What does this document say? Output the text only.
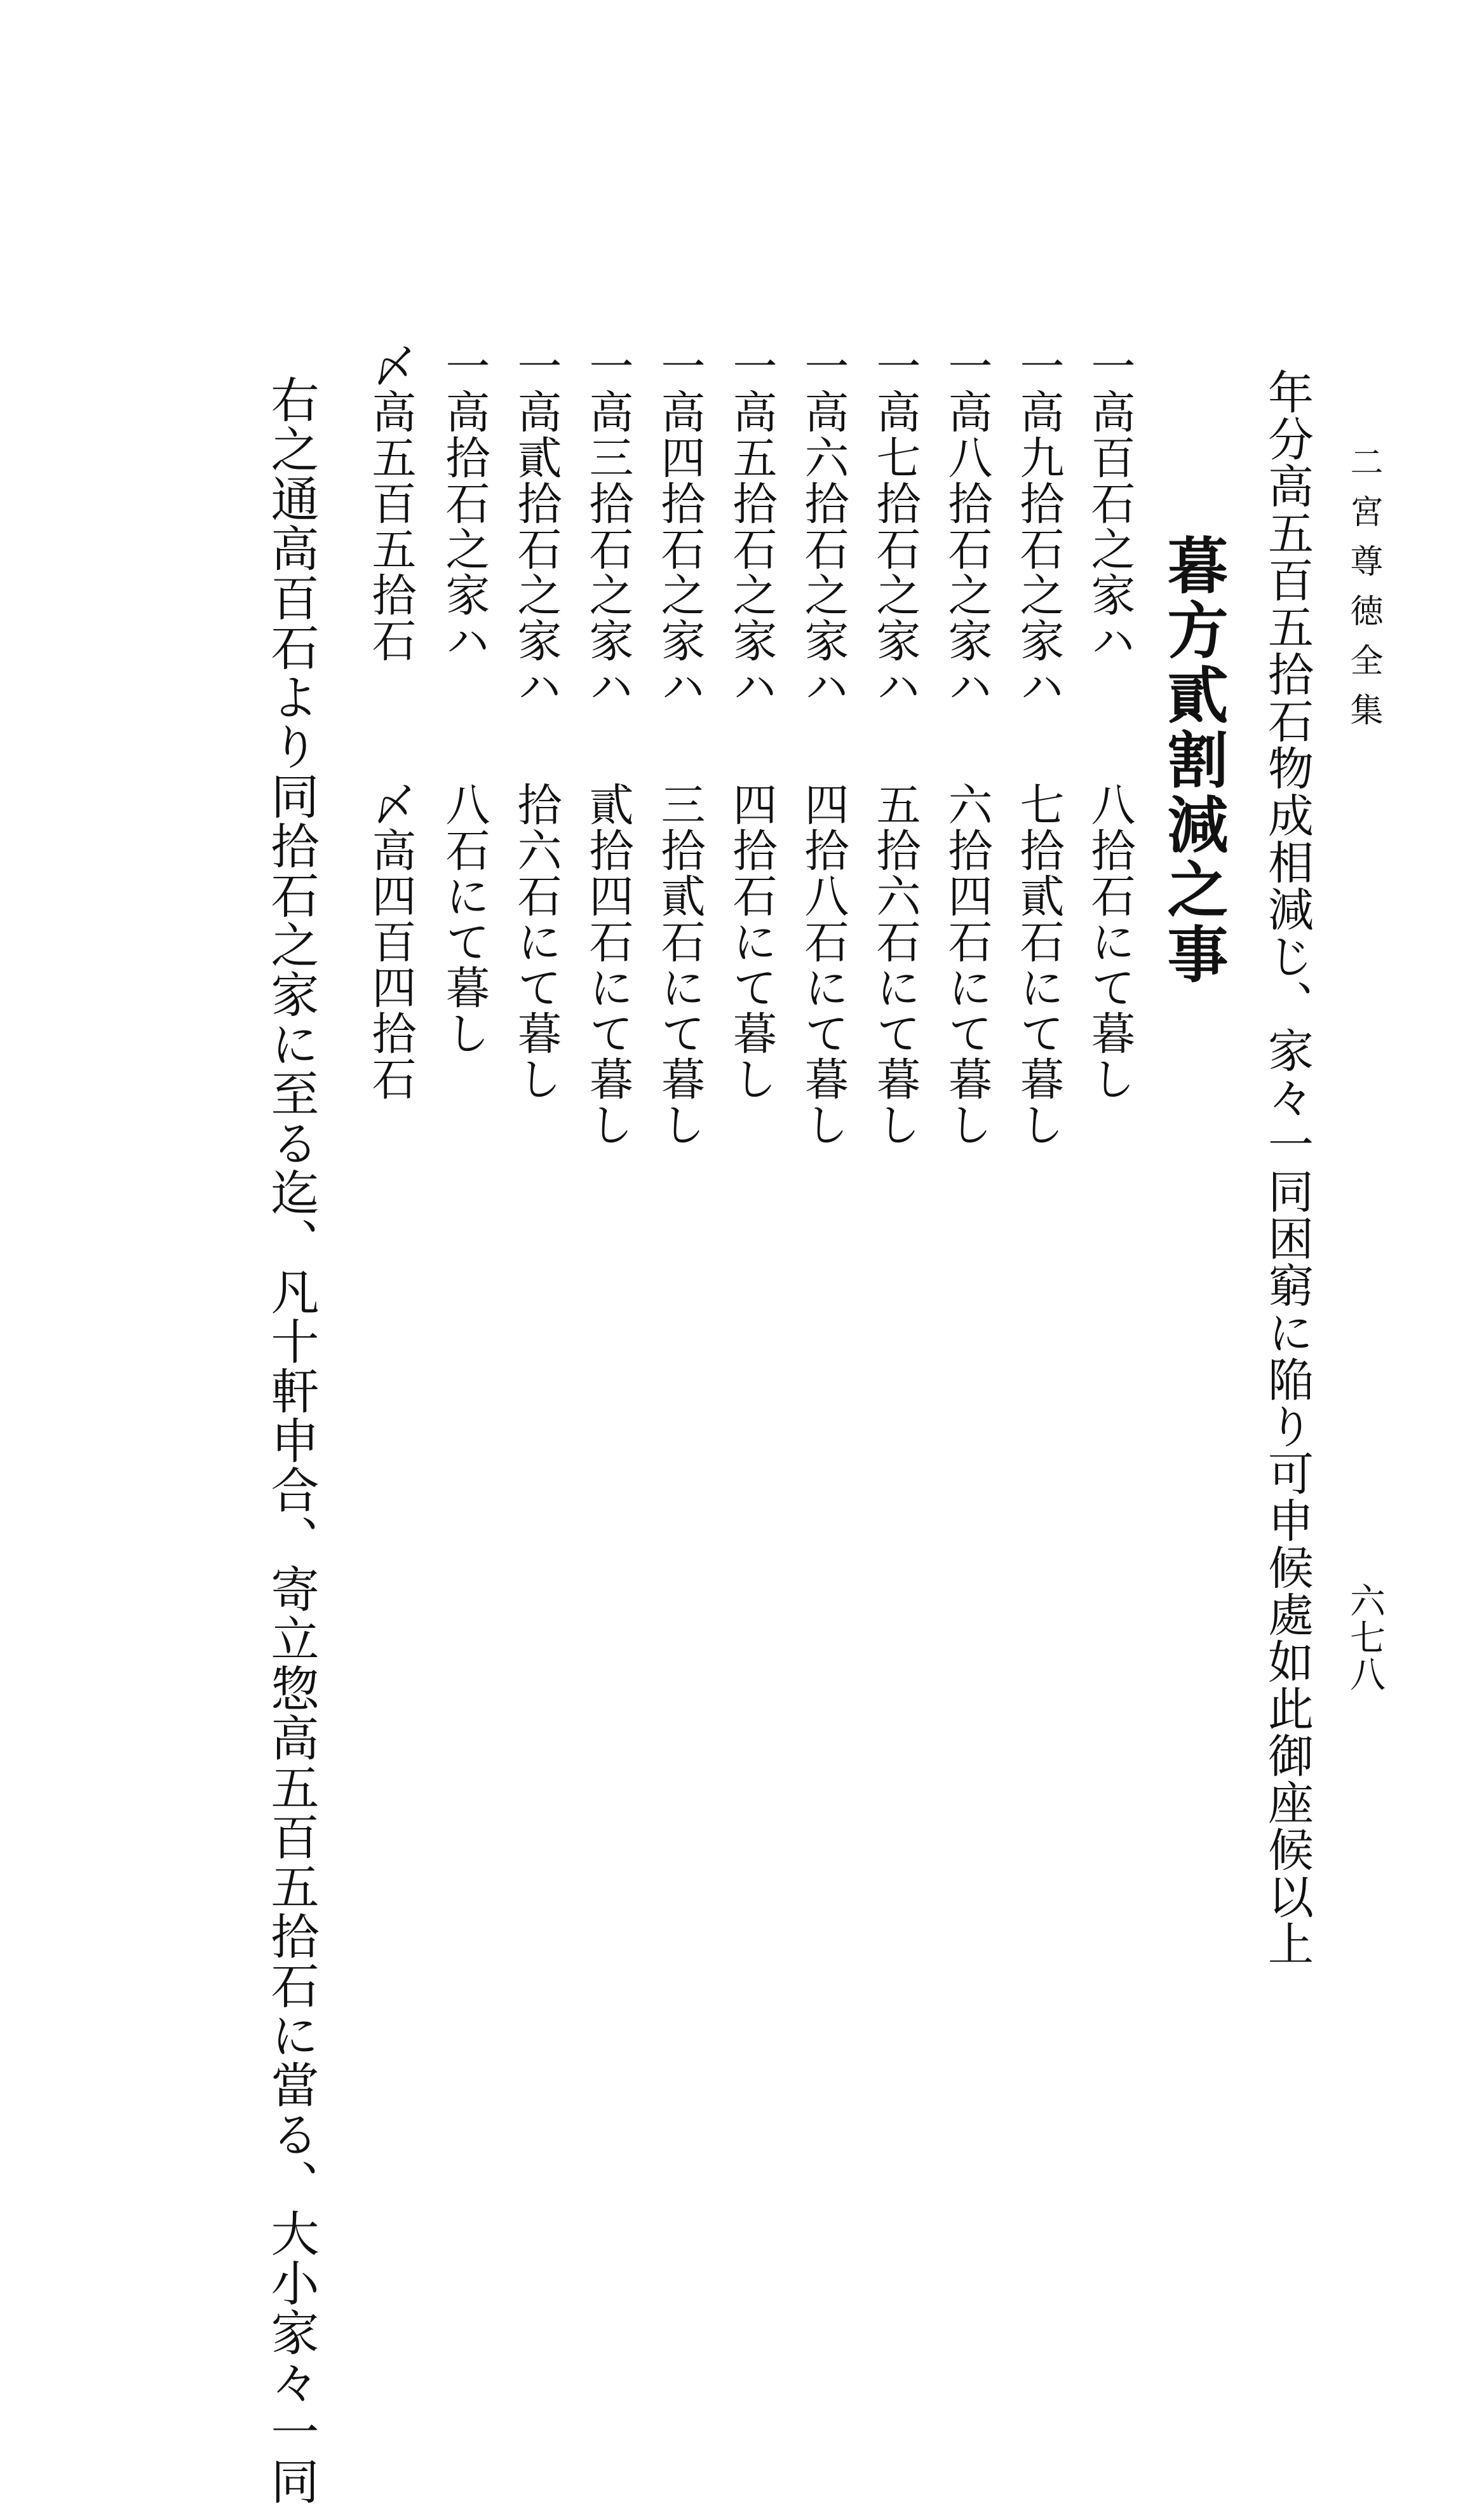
二宮尊徳全集
六七八
年分高五百五拾石物成相減じ、家々一同困窮に陥り可申候處如此御座候以上
暮方貳割減之事
一高百石之家ハ
八拾石にて暮し
一高九拾石之家ハ
七拾貳石にて暮し
一高八拾石之家ハ
六拾四石にて暮し
一高七拾石之家ハ
五拾六石にて暮し
一高六拾石之家ハ
四拾八石にて暮し
一高五拾石之家ハ
四拾石にて暮し
一高四拾石之家ハ
三拾貳石にて暮し
一高三拾石之家ハ
貳拾四石にて暮し
一高貳拾石之家ハ
拾六石にて暮し
一高拾石之家ハ
八石にて暮し
〆高五百五拾石
〆高四百四拾石
右之通高百石より同拾石之家に至る迄、凡十軒申合、寄立惣高五百五拾石に當る、大小家々一同
